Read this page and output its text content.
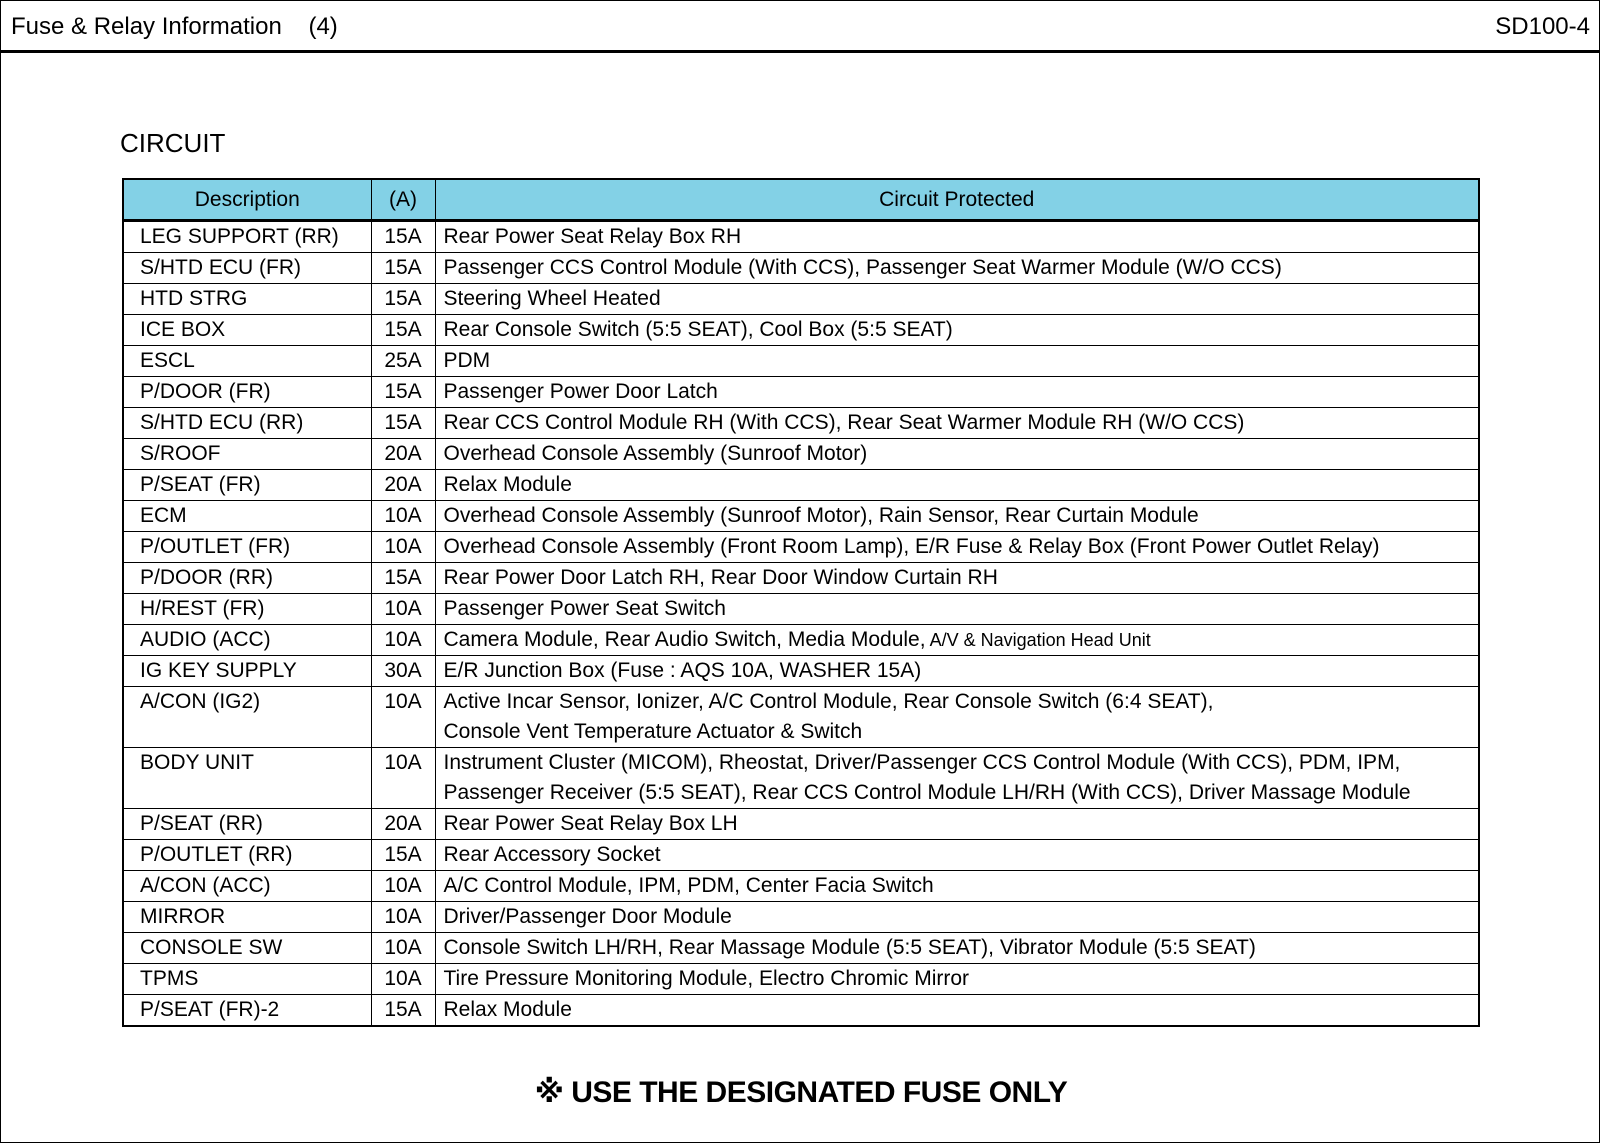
Fuse & Relay Information    (4)	SD100-4
CIRCUIT
Description	(A)	Circuit Protected
LEG SUPPORT (RR)	15A	Rear Power Seat Relay Box RH
S/HTD ECU (FR)	15A	Passenger CCS Control Module (With CCS), Passenger Seat Warmer Module (W/O CCS)
HTD STRG	15A	Steering Wheel Heated
ICE BOX	15A	Rear Console Switch (5:5 SEAT), Cool Box (5:5 SEAT)
ESCL	25A	PDM
P/DOOR (FR)	15A	Passenger Power Door Latch
S/HTD ECU (RR)	15A	Rear CCS Control Module RH (With CCS), Rear Seat Warmer Module RH (W/O CCS)
S/ROOF	20A	Overhead Console Assembly (Sunroof Motor)
P/SEAT (FR)	20A	Relax Module
ECM	10A	Overhead Console Assembly (Sunroof Motor), Rain Sensor, Rear Curtain Module
P/OUTLET (FR)	10A	Overhead Console Assembly (Front Room Lamp), E/R Fuse & Relay Box (Front Power Outlet Relay)
P/DOOR (RR)	15A	Rear Power Door Latch RH, Rear Door Window Curtain RH
H/REST (FR)	10A	Passenger Power Seat Switch
AUDIO (ACC)	10A	Camera Module, Rear Audio Switch, Media Module, A/V & Navigation Head Unit
IG KEY SUPPLY	30A	E/R Junction Box (Fuse : AQS 10A, WASHER 15A)
A/CON (IG2)	10A	Active Incar Sensor, Ionizer, A/C Control Module, Rear Console Switch (6:4 SEAT),
Console Vent Temperature Actuator & Switch
BODY UNIT	10A	Instrument Cluster (MICOM), Rheostat, Driver/Passenger CCS Control Module (With CCS), PDM, IPM,
Passenger Receiver (5:5 SEAT), Rear CCS Control Module LH/RH (With CCS), Driver Massage Module
P/SEAT (RR)	20A	Rear Power Seat Relay Box LH
P/OUTLET (RR)	15A	Rear Accessory Socket
A/CON (ACC)	10A	A/C Control Module, IPM, PDM, Center Facia Switch
MIRROR	10A	Driver/Passenger Door Module
CONSOLE SW	10A	Console Switch LH/RH, Rear Massage Module (5:5 SEAT), Vibrator Module (5:5 SEAT)
TPMS	10A	Tire Pressure Monitoring Module, Electro Chromic Mirror
P/SEAT (FR)-2	15A	Relax Module
※ USE THE DESIGNATED FUSE ONLY
